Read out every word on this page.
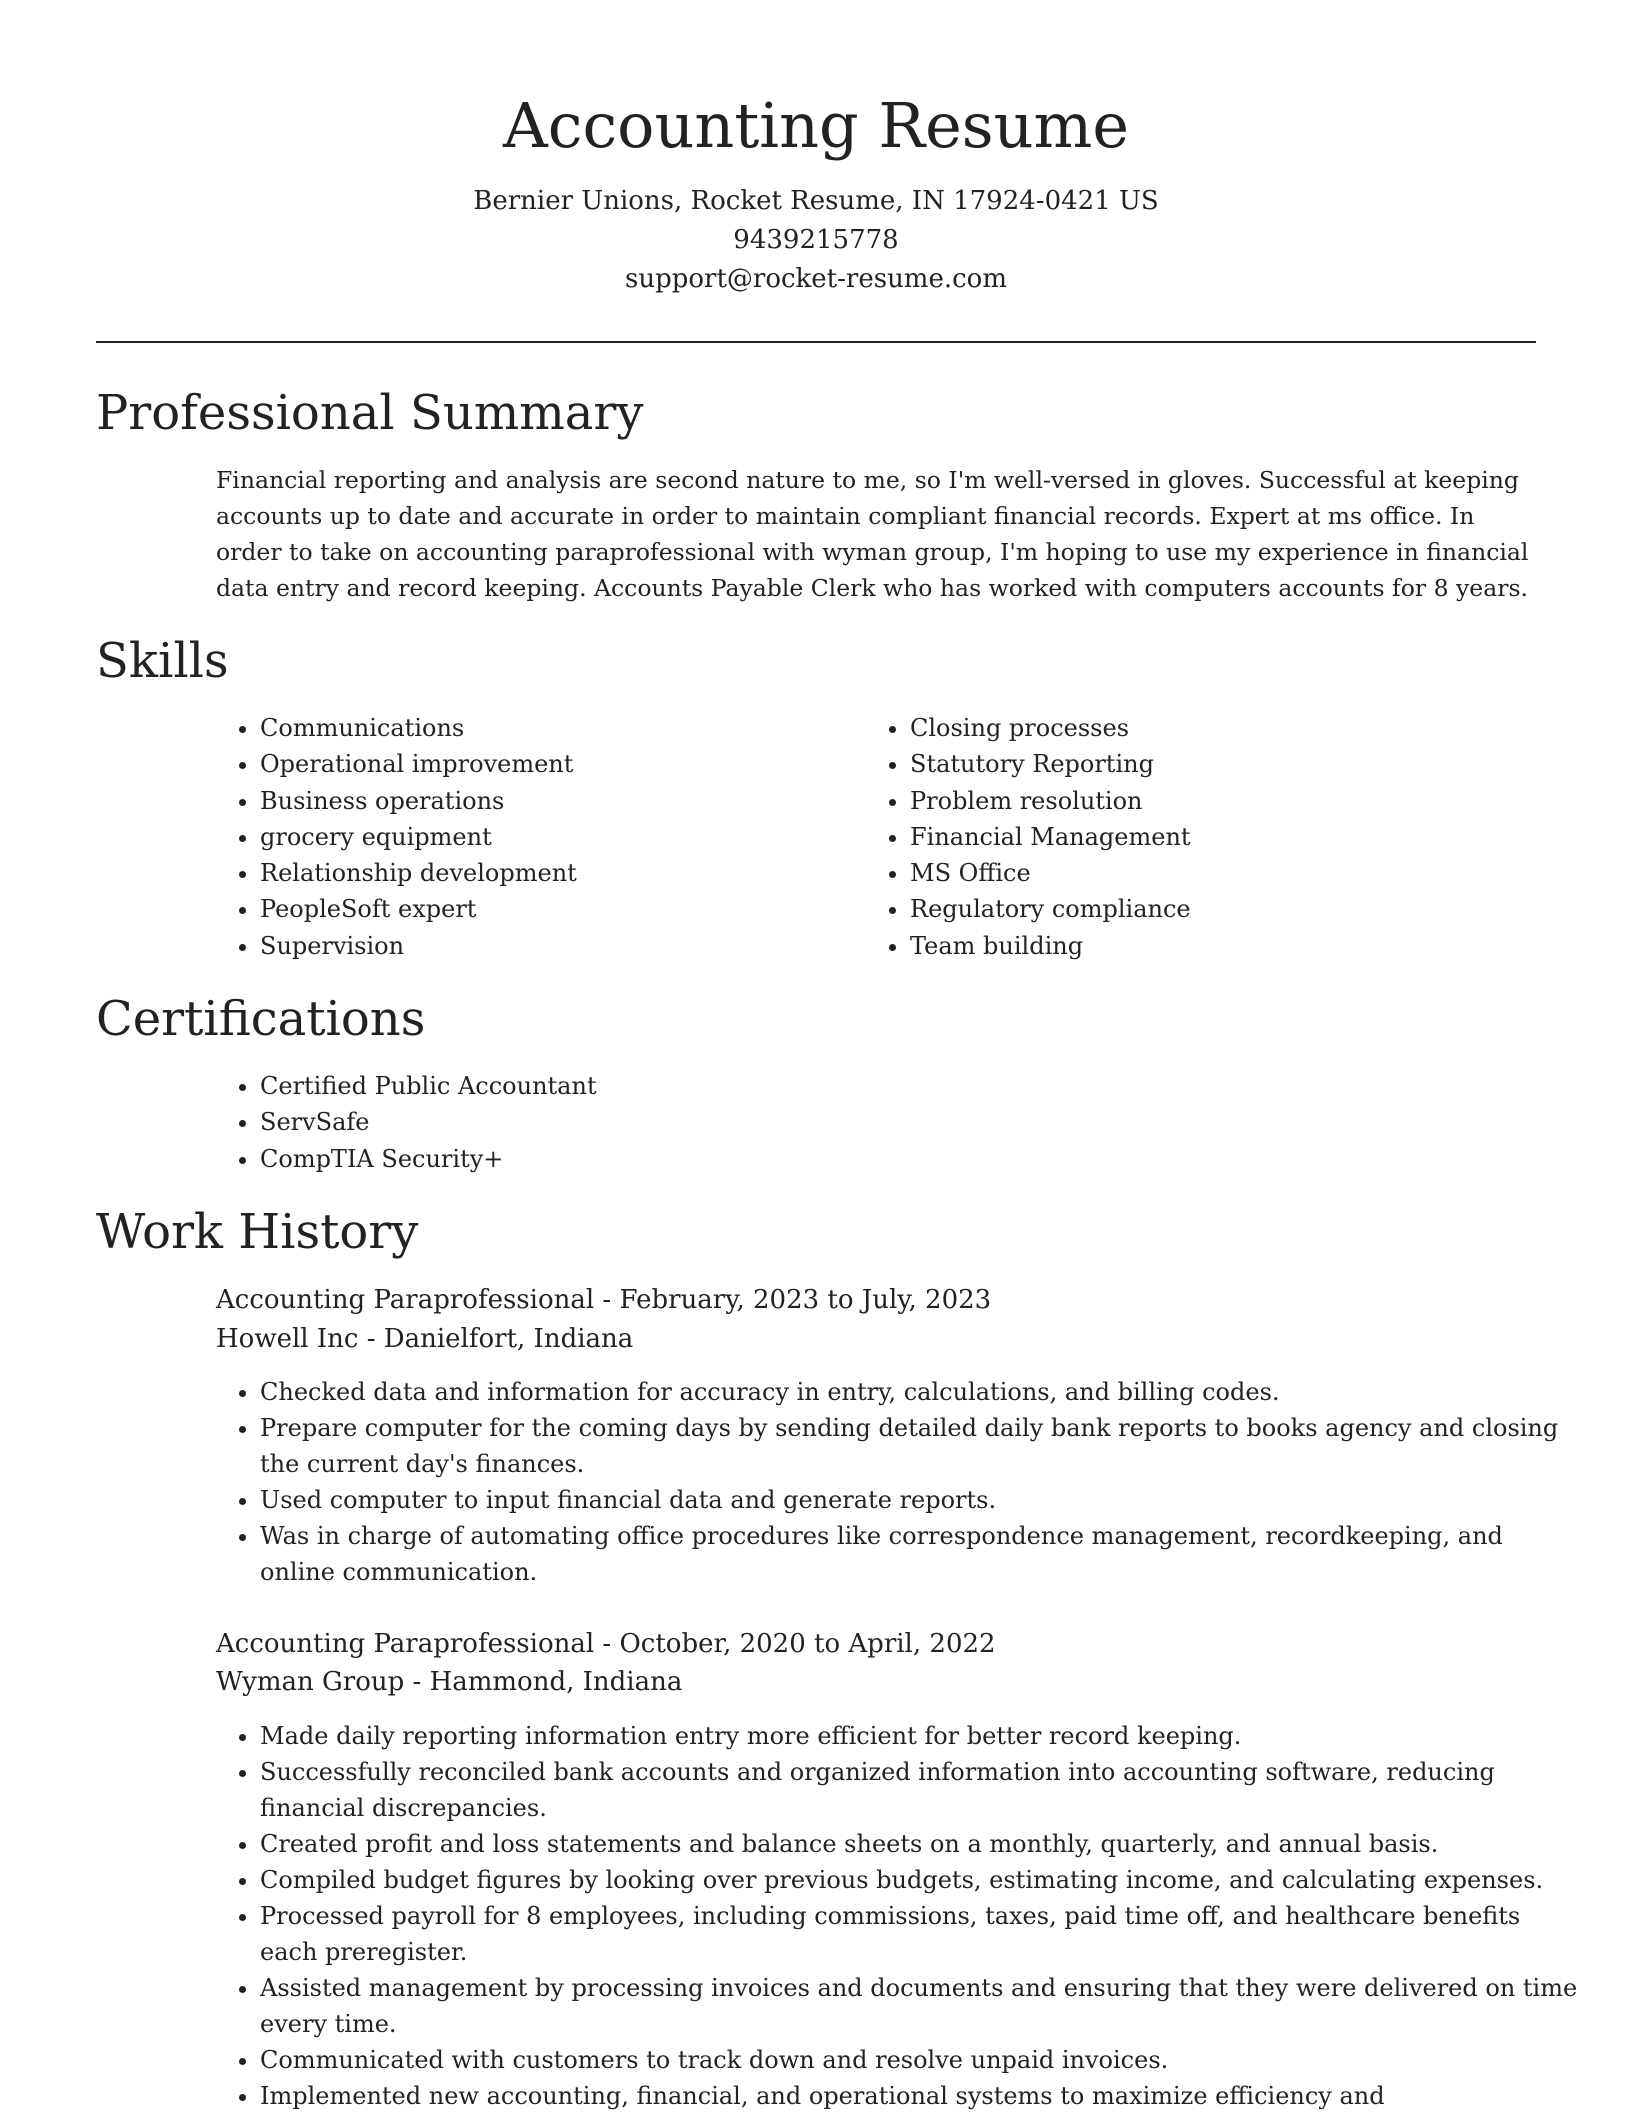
Accounting Resume
Bernier Unions, Rocket Resume, IN 17924-0421 US
9439215778
support@rocket-resume.com
Professional Summary

Financial reporting and analysis are second nature to me, so I'm well-versed in gloves. Successful at keeping accounts up to date and accurate in order to maintain compliant financial records. Expert at ms office. In order to take on accounting paraprofessional with wyman group, I'm hoping to use my experience in financial data entry and record keeping. Accounts Payable Clerk who has worked with computers accounts for 8 years.

Skills
• Communications
• Operational improvement
• Business operations
• grocery equipment
• Relationship development
• PeopleSoft expert
• Supervision
• Closing processes
• Statutory Reporting
• Problem resolution
• Financial Management
• MS Office
• Regulatory compliance
• Team building
Certifications
• Certified Public Accountant
• ServSafe
• CompTIA Security+
Work History
Accounting Paraprofessional - February, 2023 to July, 2023
Howell Inc - Danielfort, Indiana
• Checked data and information for accuracy in entry, calculations, and billing codes.
• Prepare computer for the coming days by sending detailed daily bank reports to books agency and closing the current day's finances.
• Used computer to input financial data and generate reports.
• Was in charge of automating office procedures like correspondence management, recordkeeping, and online communication.
Accounting Paraprofessional - October, 2020 to April, 2022
Wyman Group - Hammond, Indiana
• Made daily reporting information entry more efficient for better record keeping.
• Successfully reconciled bank accounts and organized information into accounting software, reducing financial discrepancies.
• Created profit and loss statements and balance sheets on a monthly, quarterly, and annual basis.
• Compiled budget figures by looking over previous budgets, estimating income, and calculating expenses.
• Processed payroll for 8 employees, including commissions, taxes, paid time off, and healthcare benefits each preregister.
• Assisted management by processing invoices and documents and ensuring that they were delivered on time every time.
• Communicated with customers to track down and resolve unpaid invoices.
• Implemented new accounting, financial, and operational systems to maximize efficiency and
